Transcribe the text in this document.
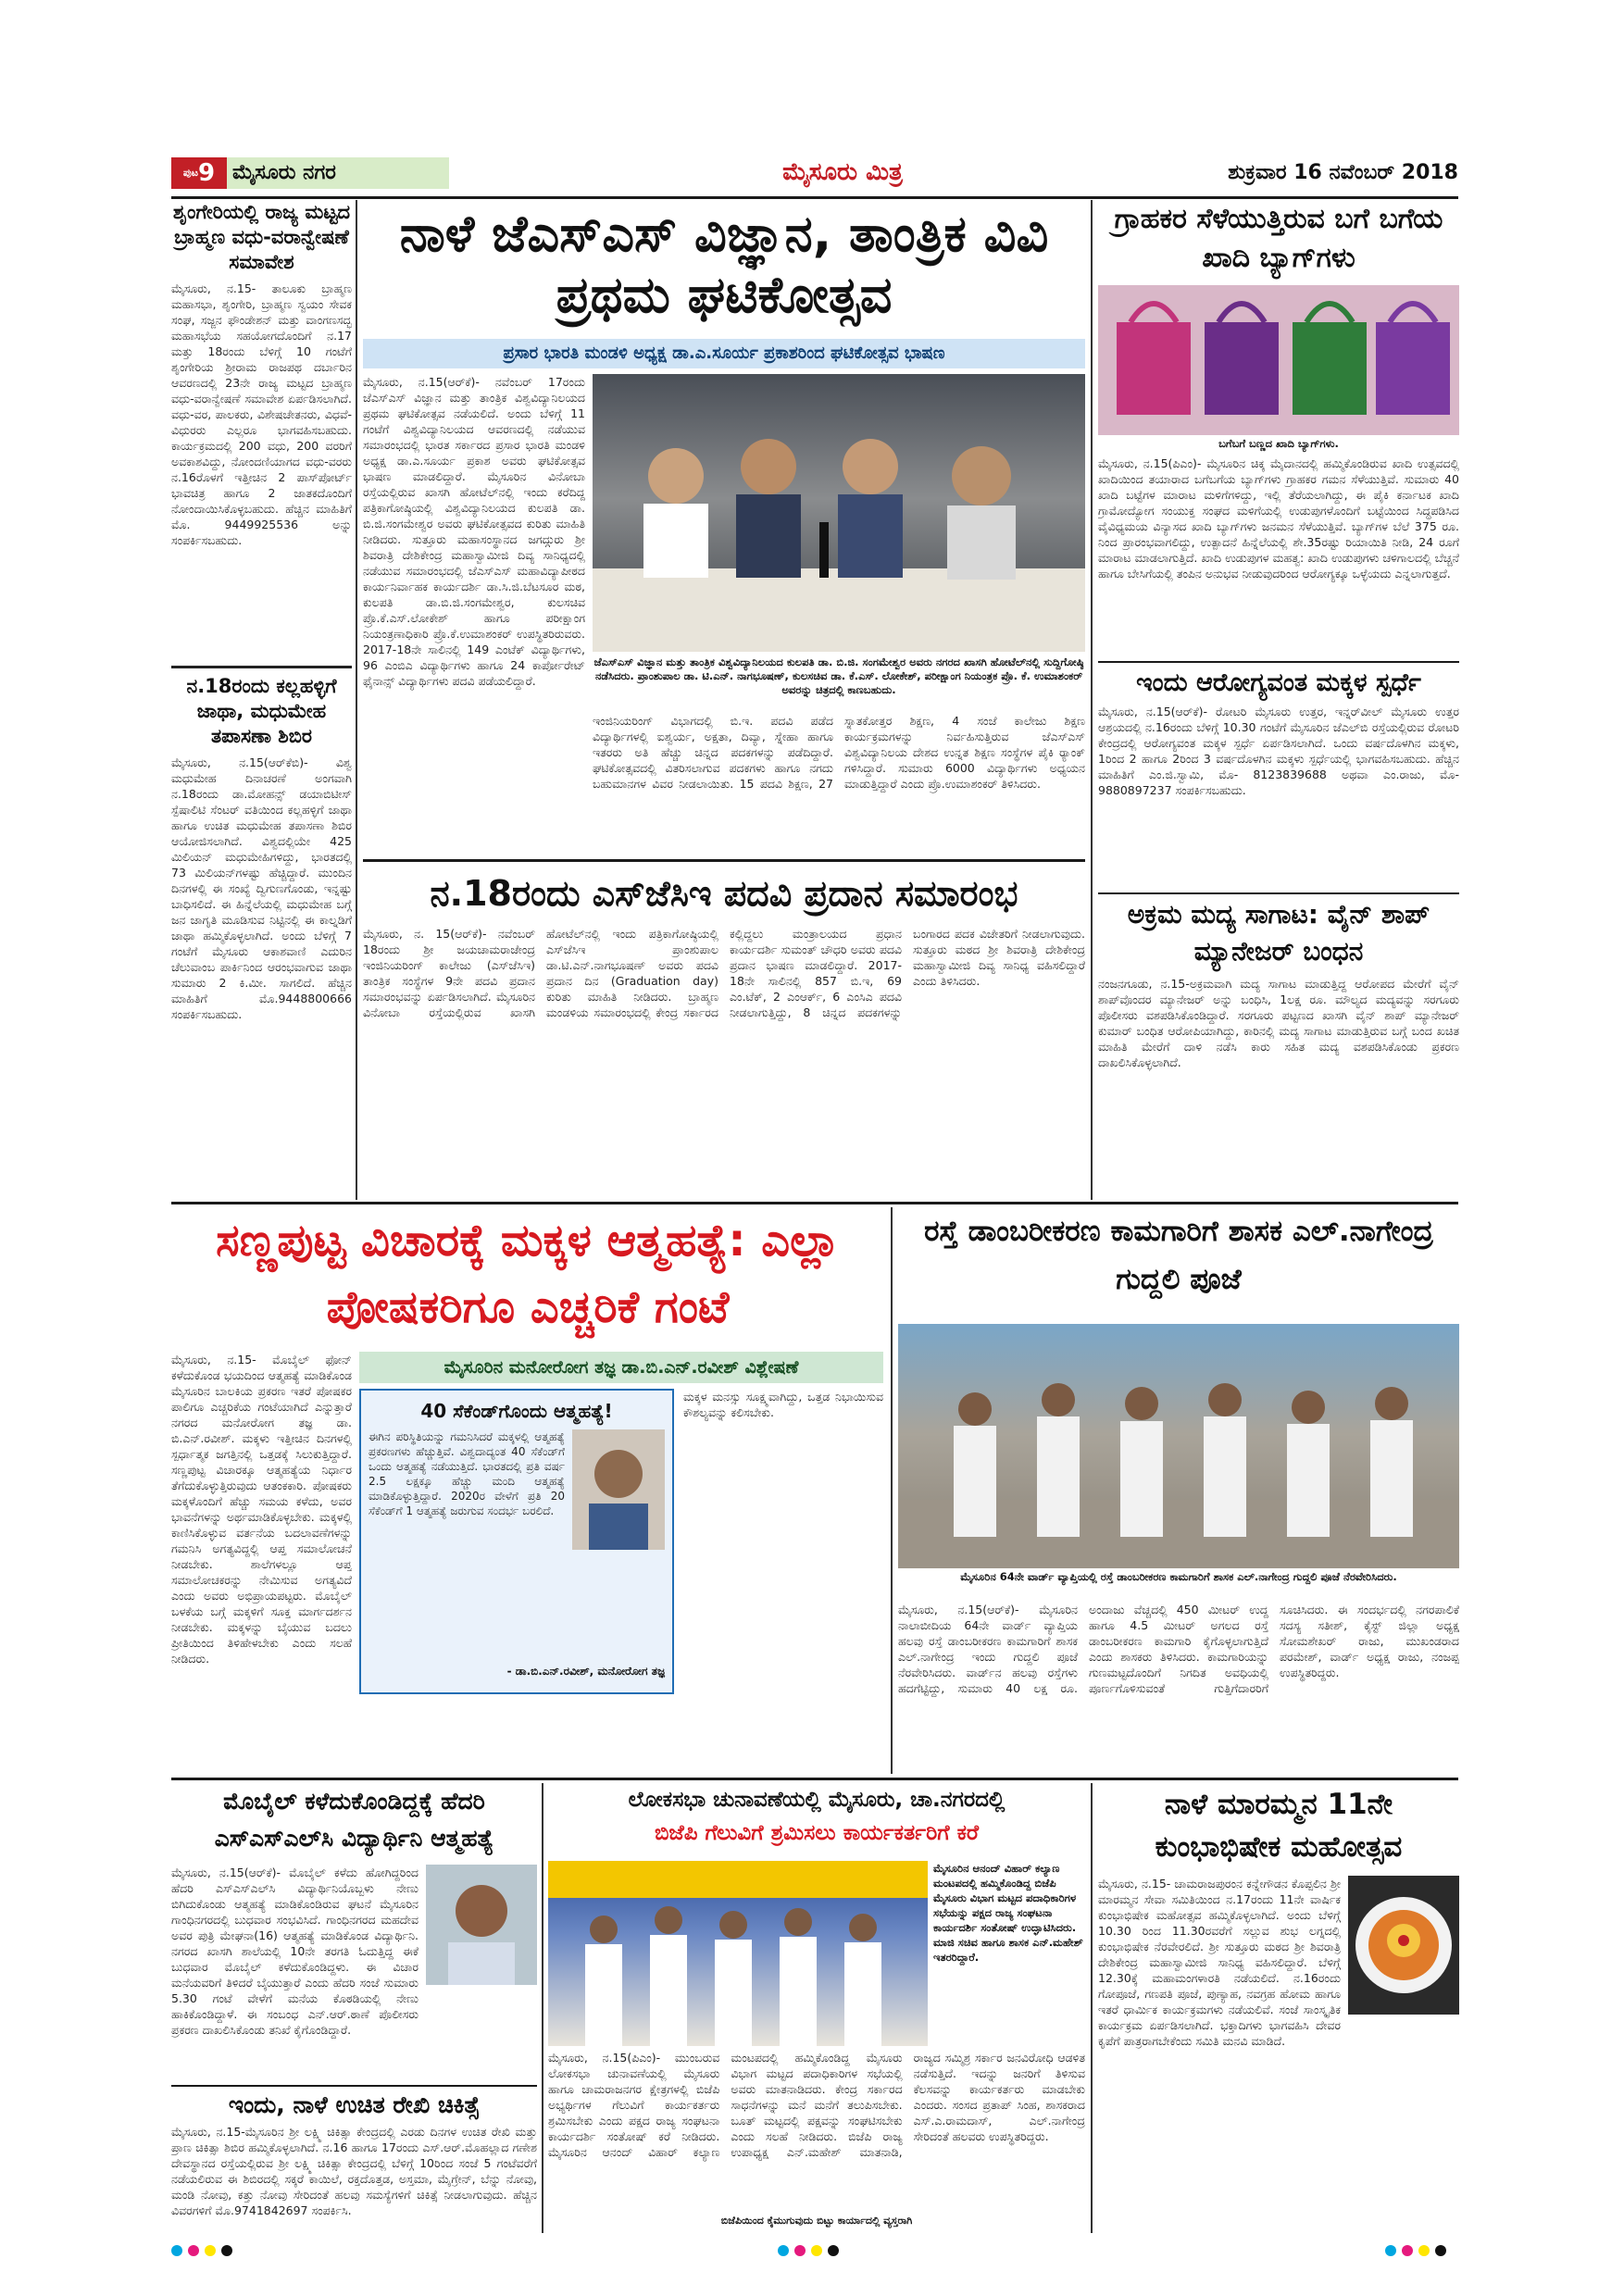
$^{ಪುಟ}$9 ಮೈಸೂರು ನಗರ	ಮೈಸೂರು ಮಿತ್ರ	ಶುಕ್ರವಾರ 16 ನವೆಂಬರ್ 2018
ಶೃಂಗೇರಿಯಲ್ಲಿ ರಾಜ್ಯ ಮಟ್ಟದ ಬ್ರಾಹ್ಮಣ ವಧು-ವರಾನ್ವೇಷಣೆ ಸಮಾವೇಶ
ಮೈಸೂರು, ನ.15- ತಾಲೂಕು ಬ್ರಾಹ್ಮಣ ಮಹಾಸಭಾ, ಶೃಂಗೇರಿ, ಬ್ರಾಹ್ಮಣ ಸ್ವಯಂ ಸೇವಕ ಸಂಘ, ಸಜ್ಜನ ಫೌಂಡೇಶನ್ ಮತ್ತು ವಾಂಗಣಸದ್ಭ ಮಹಾಸಭೆಯ ಸಹಯೋಗದೊಂದಿಗೆ ನ.17 ಮತ್ತು 18ರಂದು ಬೆಳಿಗ್ಗೆ 10 ಗಂಟೆಗೆ ಶೃಂಗೇರಿಯ ಶ್ರೀರಾಮ ರಾಜಪಥ ದರ್ಬಾರಿನ ಆವರಣದಲ್ಲಿ 23ನೇ ರಾಜ್ಯ ಮಟ್ಟದ ಬ್ರಾಹ್ಮಣ ವಧು-ವರಾನ್ವೇಷಣೆ ಸಮಾವೇಶ ಏರ್ಪಡಿಸಲಾಗಿದೆ. ವಧು-ವರ, ಪಾಲಕರು, ವಿಶೇಷಚೇತನರು, ವಿಧವೆ-ವಿಧುರರು ಎಲ್ಲರೂ ಭಾಗವಹಿಸಬಹುದು. ಕಾರ್ಯಕ್ರಮದಲ್ಲಿ 200 ವಧು, 200 ವರರಿಗೆ ಅವಕಾಶವಿದ್ದು, ನೋಂದಣಿಯಾಗದ ವಧು-ವರರು ನ.16ರೊಳಗೆ ಇತ್ತೀಚಿನ 2 ಪಾಸ್‌ಪೋರ್ಟ್ ಭಾವಚಿತ್ರ ಹಾಗೂ 2 ಜಾತಕದೊಂದಿಗೆ ನೋಂದಾಯಿಸಿಕೊಳ್ಳಬಹುದು. ಹೆಚ್ಚಿನ ಮಾಹಿತಿಗೆ ಮೊ. 9449925536 ಅನ್ನು ಸಂಪರ್ಕಿಸಬಹುದು.
ನ.18ರಂದು ಕಲ್ಲಹಳ್ಳಿಗೆ ಜಾಥಾ, ಮಧುಮೇಹ ತಪಾಸಣಾ ಶಿಬಿರ
ಮೈಸೂರು, ನ.15(ಆರ್‌ಕೆಬಿ)- ವಿಶ್ವ ಮಧುಮೇಹ ದಿನಾಚರಣೆ ಅಂಗವಾಗಿ ನ.18ರಂದು ಡಾ.ಮೋಹನ್ಸ್ ಡಯಾಬಿಟೀಸ್ ಸ್ಪೆಷಾಲಿಟಿ ಸೆಂಟರ್ ವತಿಯಿಂದ ಕಲ್ಲಹಳ್ಳಿಗೆ ಜಾಥಾ ಹಾಗೂ ಉಚಿತ ಮಧುಮೇಹ ತಪಾಸಣಾ ಶಿಬಿರ ಆಯೋಜಿಸಲಾಗಿದೆ. ವಿಶ್ವದಲ್ಲಿಯೇ 425 ಮಿಲಿಯನ್ ಮಧುಮೇಹಿಗಳಿದ್ದು, ಭಾರತದಲ್ಲಿ 73 ಮಿಲಿಯನ್‌ಗಳಷ್ಟು ಹೆಚ್ಚಿದ್ದಾರೆ. ಮುಂದಿನ ದಿನಗಳಲ್ಲಿ ಈ ಸಂಖ್ಯೆ ದ್ವಿಗುಣಗೊಂಡು, ಇನ್ನಷ್ಟು ಬಾಧಿಸಲಿದೆ. ಈ ಹಿನ್ನೆಲೆಯಲ್ಲಿ ಮಧುಮೇಹ ಬಗ್ಗೆ ಜನ ಜಾಗೃತಿ ಮೂಡಿಸುವ ನಿಟ್ಟಿನಲ್ಲಿ ಈ ಕಾಲ್ನಡಿಗೆ ಜಾಥಾ ಹಮ್ಮಿಕೊಳ್ಳಲಾಗಿದೆ. ಅಂದು ಬೆಳಿಗ್ಗೆ 7 ಗಂಟೆಗೆ ಮೈಸೂರು ಆಕಾಶವಾಣಿ ಎದುರಿನ ಚೆಲುವಾಂಬ ಪಾರ್ಕಿನಿಂದ ಆರಂಭವಾಗುವ ಜಾಥಾ ಸುಮಾರು 2 ಕಿ.ಮೀ. ಸಾಗಲಿದೆ. ಹೆಚ್ಚಿನ ಮಾಹಿತಿಗೆ ಮೊ.9448800666 ಸಂಪರ್ಕಿಸಬಹುದು.
ನಾಳೆ ಜೆಎಸ್‌ಎಸ್ ವಿಜ್ಞಾನ, ತಾಂತ್ರಿಕ ವಿವಿ ಪ್ರಥಮ ಘಟಿಕೋತ್ಸವ
ಪ್ರಸಾರ ಭಾರತಿ ಮಂಡಳಿ ಅಧ್ಯಕ್ಷ ಡಾ.ಎ.ಸೂರ್ಯ ಪ್ರಕಾಶರಿಂದ ಘಟಿಕೋತ್ಸವ ಭಾಷಣ
ಮೈಸೂರು, ನ.15(ಆರ್‌ಕೆ)- ನವೆಂಬರ್ 17ರಂದು ಜೆಎಸ್‌ಎಸ್ ವಿಜ್ಞಾನ ಮತ್ತು ತಾಂತ್ರಿಕ ವಿಶ್ವವಿದ್ಯಾನಿಲಯದ ಪ್ರಥಮ ಘಟಿಕೋತ್ಸವ ನಡೆಯಲಿದೆ. ಅಂದು ಬೆಳಿಗ್ಗೆ 11 ಗಂಟೆಗೆ ವಿಶ್ವವಿದ್ಯಾನಿಲಯದ ಆವರಣದಲ್ಲಿ ನಡೆಯುವ ಸಮಾರಂಭದಲ್ಲಿ ಭಾರತ ಸರ್ಕಾರದ ಪ್ರಸಾರ ಭಾರತಿ ಮಂಡಳಿ ಅಧ್ಯಕ್ಷ ಡಾ.ಎ.ಸೂರ್ಯ ಪ್ರಕಾಶ ಅವರು ಘಟಿಕೋತ್ಸವ ಭಾಷಣ ಮಾಡಲಿದ್ದಾರೆ. ಮೈಸೂರಿನ ವಿನೋಬಾ ರಸ್ತೆಯಲ್ಲಿರುವ ಖಾಸಗಿ ಹೋಟೆಲ್‌ನಲ್ಲಿ ಇಂದು ಕರೆದಿದ್ದ ಪತ್ರಿಕಾಗೋಷ್ಠಿಯಲ್ಲಿ ವಿಶ್ವವಿದ್ಯಾನಿಲಯದ ಕುಲಪತಿ ಡಾ. ಬಿ.ಜಿ.ಸಂಗಮೇಶ್ವರ ಅವರು ಘಟಿಕೋತ್ಸವದ ಕುರಿತು ಮಾಹಿತಿ ನೀಡಿದರು. ಸುತ್ತೂರು ಮಹಾಸಂಸ್ಥಾನದ ಜಗದ್ಗುರು ಶ್ರೀ ಶಿವರಾತ್ರಿ ದೇಶಿಕೇಂದ್ರ ಮಹಾಸ್ವಾಮೀಜಿ ದಿವ್ಯ ಸಾನಿಧ್ಯದಲ್ಲಿ ನಡೆಯುವ ಸಮಾರಂಭದಲ್ಲಿ ಜೆಎಸ್‌ಎಸ್ ಮಹಾವಿದ್ಯಾಪೀಠದ ಕಾರ್ಯನಿರ್ವಾಹಕ ಕಾರ್ಯದರ್ಶಿ ಡಾ.ಸಿ.ಜಿ.ಬೆಟಸೂರ ಮಠ, ಕುಲಪತಿ ಡಾ.ಬಿ.ಜಿ.ಸಂಗಮೇಶ್ವರ, ಕುಲಸಚಿವ ಪ್ರೊ.ಕೆ.ಎಸ್.ಲೋಕೇಶ್ ಹಾಗೂ ಪರೀಕ್ಷಾಂಗ ನಿಯಂತ್ರಣಾಧಿಕಾರಿ ಪ್ರೊ.ಕೆ.ಉಮಾಶಂಕರ್ ಉಪಸ್ಥಿತರಿರುವರು. 2017-18ನೇ ಸಾಲಿನಲ್ಲಿ 149 ಎಂಟೆಕ್ ವಿದ್ಯಾರ್ಥಿಗಳು, 96 ಎಂಬಿಎ ವಿದ್ಯಾರ್ಥಿಗಳು ಹಾಗೂ 24 ಕಾರ್ಪೋರೇಟ್ ಫೈನಾನ್ಸ್ ವಿದ್ಯಾರ್ಥಿಗಳು ಪದವಿ ಪಡೆಯಲಿದ್ದಾರೆ.
ಜೆಎಸ್‌ಎಸ್ ವಿಜ್ಞಾನ ಮತ್ತು ತಾಂತ್ರಿಕ ವಿಶ್ವವಿದ್ಯಾನಿಲಯದ ಕುಲಪತಿ ಡಾ. ಬಿ.ಜಿ. ಸಂಗಮೇಶ್ವರ ಅವರು ನಗರದ ಖಾಸಗಿ ಹೋಟೆಲ್‌ನಲ್ಲಿ ಸುದ್ದಿಗೋಷ್ಠಿ ನಡೆಸಿದರು. ಪ್ರಾಂಶುಪಾಲ ಡಾ. ಟಿ.ಎನ್. ನಾಗಭೂಷಣ್, ಕುಲಸಚಿವ ಡಾ. ಕೆ.ಎಸ್. ಲೋಕೇಶ್, ಪರೀಕ್ಷಾಂಗ ನಿಯಂತ್ರಕ ಪ್ರೊ. ಕೆ. ಉಮಾಶಂಕರ್ ಅವರನ್ನು ಚಿತ್ರದಲ್ಲಿ ಕಾಣಬಹುದು.
ಇಂಜಿನಿಯರಿಂಗ್ ವಿಭಾಗದಲ್ಲಿ ಬಿ.ಇ. ಪದವಿ ಪಡೆದ ವಿದ್ಯಾರ್ಥಿಗಳಲ್ಲಿ ಐಶ್ವರ್ಯ, ಅಕ್ಷತಾ, ದಿವ್ಯಾ, ಸ್ನೇಹಾ ಹಾಗೂ ಇತರರು ಅತಿ ಹೆಚ್ಚು ಚಿನ್ನದ ಪದಕಗಳನ್ನು ಪಡೆದಿದ್ದಾರೆ. ಘಟಿಕೋತ್ಸವದಲ್ಲಿ ವಿತರಿಸಲಾಗುವ ಪದಕಗಳು ಹಾಗೂ ನಗದು ಬಹುಮಾನಗಳ ವಿವರ ನೀಡಲಾಯಿತು. 15 ಪದವಿ ಶಿಕ್ಷಣ, 27 ಸ್ನಾತಕೋತ್ತರ ಶಿಕ್ಷಣ, 4 ಸಂಜೆ ಕಾಲೇಜು ಶಿಕ್ಷಣ ಕಾರ್ಯಕ್ರಮಗಳನ್ನು ನಿರ್ವಹಿಸುತ್ತಿರುವ ಜೆಎಸ್‌ಎಸ್ ವಿಶ್ವವಿದ್ಯಾನಿಲಯ ದೇಶದ ಉನ್ನತ ಶಿಕ್ಷಣ ಸಂಸ್ಥೆಗಳ ಪೈಕಿ ರ‍್ಯಾಂಕ್ ಗಳಿಸಿದ್ದಾರೆ. ಸುಮಾರು 6000 ವಿದ್ಯಾರ್ಥಿಗಳು ಅಧ್ಯಯನ ಮಾಡುತ್ತಿದ್ದಾರೆ ಎಂದು ಪ್ರೊ.ಉಮಾಶಂಕರ್ ತಿಳಿಸಿದರು.
ನ.18ರಂದು ಎಸ್‌ಜೆಸಿಇ ಪದವಿ ಪ್ರದಾನ ಸಮಾರಂಭ
ಮೈಸೂರು, ನ. 15(ಆರ್‌ಕೆ)- ನವೆಂಬರ್ 18ರಂದು ಶ್ರೀ ಜಯಚಾಮರಾಜೇಂದ್ರ ಇಂಜಿನಿಯರಿಂಗ್ ಕಾಲೇಜು (ಎಸ್‌ಜೆಸಿಇ) ತಾಂತ್ರಿಕ ಸಂಸ್ಥೆಗಳ 9ನೇ ಪದವಿ ಪ್ರದಾನ ಸಮಾರಂಭವನ್ನು ಏರ್ಪಡಿಸಲಾಗಿದೆ. ಮೈಸೂರಿನ ವಿನೋಬಾ ರಸ್ತೆಯಲ್ಲಿರುವ ಖಾಸಗಿ ಹೋಟೆಲ್‌ನಲ್ಲಿ ಇಂದು ಪತ್ರಿಕಾಗೋಷ್ಠಿಯಲ್ಲಿ ಎಸ್‌ಜೆಸಿಇ ಪ್ರಾಂಶುಪಾಲ ಡಾ.ಟಿ.ಎನ್.ನಾಗಭೂಷಣ್ ಅವರು ಪದವಿ ಪ್ರದಾನ ದಿನ (Graduation day) ಕುರಿತು ಮಾಹಿತಿ ನೀಡಿದರು. ಬ್ರಾಹ್ಮಣ ಮಂಡಳಿಯ ಸಮಾರಂಭದಲ್ಲಿ ಕೇಂದ್ರ ಸರ್ಕಾರದ ಕಲ್ಲಿದ್ದಲು ಮಂತ್ರಾಲಯದ ಪ್ರಧಾನ ಕಾರ್ಯದರ್ಶಿ ಸುಮಂತ್ ಚೌಧರಿ ಅವರು ಪದವಿ ಪ್ರದಾನ ಭಾಷಣ ಮಾಡಲಿದ್ದಾರೆ. 2017-18ನೇ ಸಾಲಿನಲ್ಲಿ 857 ಬಿ.ಇ, 69 ಎಂ.ಟೆಕ್, 2 ಎಂಆರ್ಕ್, 6 ಎಂಸಿಎ ಪದವಿ ನೀಡಲಾಗುತ್ತಿದ್ದು, 8 ಚಿನ್ನದ ಪದಕಗಳನ್ನು ಬಂಗಾರದ ಪದಕ ವಿಜೇತರಿಗೆ ನೀಡಲಾಗುವುದು. ಸುತ್ತೂರು ಮಠದ ಶ್ರೀ ಶಿವರಾತ್ರಿ ದೇಶಿಕೇಂದ್ರ ಮಹಾಸ್ವಾಮೀಜಿ ದಿವ್ಯ ಸಾನಿಧ್ಯ ವಹಿಸಲಿದ್ದಾರೆ ಎಂದು ತಿಳಿಸಿದರು.
ಗ್ರಾಹಕರ ಸೆಳೆಯುತ್ತಿರುವ ಬಗೆ ಬಗೆಯ ಖಾದಿ ಬ್ಯಾಗ್‌ಗಳು
ಬಗೆಬಗೆ ಬಣ್ಣದ ಖಾದಿ ಬ್ಯಾಗ್‌ಗಳು.
ಮೈಸೂರು, ನ.15(ಪಿಎಂ)- ಮೈಸೂರಿನ ಚಿಕ್ಕ ಮೈದಾನದಲ್ಲಿ ಹಮ್ಮಿಕೊಂಡಿರುವ ಖಾದಿ ಉತ್ಸವದಲ್ಲಿ ಖಾದಿಯಿಂದ ತಯಾರಾದ ಬಗೆಬಗೆಯ ಬ್ಯಾಗ್‌ಗಳು ಗ್ರಾಹಕರ ಗಮನ ಸೆಳೆಯುತ್ತಿವೆ. ಸುಮಾರು 40 ಖಾದಿ ಬಟ್ಟೆಗಳ ಮಾರಾಟ ಮಳಿಗೆಗಳಿದ್ದು, ಇಲ್ಲಿ ತೆರೆಯಲಾಗಿದ್ದು, ಈ ಪೈಕಿ ಕರ್ನಾಟಕ ಖಾದಿ ಗ್ರಾಮೋದ್ಯೋಗ ಸಂಯುಕ್ತ ಸಂಘದ ಮಳಿಗೆಯಲ್ಲಿ ಉಡುಪುಗಳೊಂದಿಗೆ ಬಟ್ಟೆಯಿಂದ ಸಿದ್ಧಪಡಿಸಿದ ವೈವಿಧ್ಯಮಯ ವಿನ್ಯಾಸದ ಖಾದಿ ಬ್ಯಾಗ್‌ಗಳು ಜನಮನ ಸೆಳೆಯುತ್ತಿವೆ. ಬ್ಯಾಗ್‌ಗಳ ಬೆಲೆ 375 ರೂ. ನಿಂದ ಪ್ರಾರಂಭವಾಗಲಿದ್ದು, ಉತ್ಪಾದನೆ ಹಿನ್ನೆಲೆಯಲ್ಲಿ ಶೇ.35ರಷ್ಟು ರಿಯಾಯಿತಿ ನೀಡಿ, 24 ರೂಗೆ ಮಾರಾಟ ಮಾಡಲಾಗುತ್ತಿದೆ. ಖಾದಿ ಉಡುಪುಗಳ ಮಹತ್ವ: ಖಾದಿ ಉಡುಪುಗಳು ಚಳಿಗಾಲದಲ್ಲಿ ಬೆಚ್ಚನೆ ಹಾಗೂ ಬೇಸಿಗೆಯಲ್ಲಿ ತಂಪಿನ ಅನುಭವ ನೀಡುವುದರಿಂದ ಆರೋಗ್ಯಕ್ಕೂ ಒಳ್ಳೆಯದು ಎನ್ನಲಾಗುತ್ತದೆ.
ಇಂದು ಆರೋಗ್ಯವಂತ ಮಕ್ಕಳ ಸ್ಪರ್ಧೆ
ಮೈಸೂರು, ನ.15(ಆರ್‌ಕೆ)- ರೋಟರಿ ಮೈಸೂರು ಉತ್ತರ, ಇನ್ನರ್‌ವೀಲ್ ಮೈಸೂರು ಉತ್ತರ ಆಶ್ರಯದಲ್ಲಿ ನ.16ರಂದು ಬೆಳಿಗ್ಗೆ 10.30 ಗಂಟೆಗೆ ಮೈಸೂರಿನ ಜೆಎಲ್‌ಬಿ ರಸ್ತೆಯಲ್ಲಿರುವ ರೋಟರಿ ಕೇಂದ್ರದಲ್ಲಿ ಆರೋಗ್ಯವಂತ ಮಕ್ಕಳ ಸ್ಪರ್ಧೆ ಏರ್ಪಡಿಸಲಾಗಿದೆ. ಒಂದು ವರ್ಷದೊಳಗಿನ ಮಕ್ಕಳು, 1ರಿಂದ 2 ಹಾಗೂ 2ರಿಂದ 3 ವರ್ಷದೊಳಗಿನ ಮಕ್ಕಳು ಸ್ಪರ್ಧೆಯಲ್ಲಿ ಭಾಗವಹಿಸಬಹುದು. ಹೆಚ್ಚಿನ ಮಾಹಿತಿಗೆ ಎಂ.ಜಿ.ಸ್ವಾಮಿ, ಮೊ- 8123839688 ಅಥವಾ ಎಂ.ರಾಜು, ಮೊ- 9880897237 ಸಂಪರ್ಕಿಸಬಹುದು.
ಅಕ್ರಮ ಮದ್ಯ ಸಾಗಾಟ: ವೈನ್ ಶಾಪ್ ಮ್ಯಾನೇಜರ್ ಬಂಧನ
ನಂಜನಗೂಡು, ನ.15-ಅಕ್ರಮವಾಗಿ ಮದ್ಯ ಸಾಗಾಟ ಮಾಡುತ್ತಿದ್ದ ಆರೋಪದ ಮೇರೆಗೆ ವೈನ್ ಶಾಪ್‌ವೊಂದರ ಮ್ಯಾನೇಜರ್ ಅನ್ನು ಬಂಧಿಸಿ, 1ಲಕ್ಷ ರೂ. ಮೌಲ್ಯದ ಮದ್ಯವನ್ನು ಸರಗೂರು ಪೊಲೀಸರು ವಶಪಡಿಸಿಕೊಂಡಿದ್ದಾರೆ. ಸರಗೂರು ಪಟ್ಟಣದ ಖಾಸಗಿ ವೈನ್ ಶಾಪ್ ಮ್ಯಾನೇಜರ್ ಕುಮಾರ್ ಬಂಧಿತ ಆರೋಪಿಯಾಗಿದ್ದು, ಕಾರಿನಲ್ಲಿ ಮದ್ಯ ಸಾಗಾಟ ಮಾಡುತ್ತಿರುವ ಬಗ್ಗೆ ಬಂದ ಖಚಿತ ಮಾಹಿತಿ ಮೇರೆಗೆ ದಾಳಿ ನಡೆಸಿ ಕಾರು ಸಹಿತ ಮದ್ಯ ವಶಪಡಿಸಿಕೊಂಡು ಪ್ರಕರಣ ದಾಖಲಿಸಿಕೊಳ್ಳಲಾಗಿದೆ.
ಸಣ್ಣಪುಟ್ಟ ವಿಚಾರಕ್ಕೆ ಮಕ್ಕಳ ಆತ್ಮಹತ್ಯೆ: ಎಲ್ಲಾ ಪೋಷಕರಿಗೂ ಎಚ್ಚರಿಕೆ ಗಂಟೆ
ಮೈಸೂರು, ನ.15- ಮೊಬೈಲ್ ಫೋನ್ ಕಳೆದುಕೊಂಡ ಭಯದಿಂದ ಆತ್ಮಹತ್ಯೆ ಮಾಡಿಕೊಂಡ ಮೈಸೂರಿನ ಬಾಲಕಿಯ ಪ್ರಕರಣ ಇತರೆ ಪೋಷಕರ ಪಾಲಿಗೂ ಎಚ್ಚರಿಕೆಯ ಗಂಟೆಯಾಗಿದೆ ಎನ್ನುತ್ತಾರೆ ನಗರದ ಮನೋರೋಗ ತಜ್ಞ ಡಾ. ಬಿ.ಎನ್.ರವೀಶ್. ಮಕ್ಕಳು ಇತ್ತೀಚಿನ ದಿನಗಳಲ್ಲಿ ಸ್ಪರ್ಧಾತ್ಮಕ ಜಗತ್ತಿನಲ್ಲಿ ಒತ್ತಡಕ್ಕೆ ಸಿಲುಕುತ್ತಿದ್ದಾರೆ. ಸಣ್ಣಪುಟ್ಟ ವಿಚಾರಕ್ಕೂ ಆತ್ಮಹತ್ಯೆಯ ನಿರ್ಧಾರ ತೆಗೆದುಕೊಳ್ಳುತ್ತಿರುವುದು ಆತಂಕಕಾರಿ. ಪೋಷಕರು ಮಕ್ಕಳೊಂದಿಗೆ ಹೆಚ್ಚು ಸಮಯ ಕಳೆದು, ಅವರ ಭಾವನೆಗಳನ್ನು ಅರ್ಥಮಾಡಿಕೊಳ್ಳಬೇಕು. ಮಕ್ಕಳಲ್ಲಿ ಕಾಣಿಸಿಕೊಳ್ಳುವ ವರ್ತನೆಯ ಬದಲಾವಣೆಗಳನ್ನು ಗಮನಿಸಿ ಅಗತ್ಯವಿದ್ದಲ್ಲಿ ಆಪ್ತ ಸಮಾಲೋಚನೆ ನೀಡಬೇಕು. ಶಾಲೆಗಳಲ್ಲೂ ಆಪ್ತ ಸಮಾಲೋಚಕರನ್ನು ನೇಮಿಸುವ ಅಗತ್ಯವಿದೆ ಎಂದು ಅವರು ಅಭಿಪ್ರಾಯಪಟ್ಟರು. ಮೊಬೈಲ್ ಬಳಕೆಯ ಬಗ್ಗೆ ಮಕ್ಕಳಿಗೆ ಸೂಕ್ತ ಮಾರ್ಗದರ್ಶನ ನೀಡಬೇಕು. ಮಕ್ಕಳನ್ನು ಬೈಯುವ ಬದಲು ಪ್ರೀತಿಯಿಂದ ತಿಳಿಹೇಳಬೇಕು ಎಂದು ಸಲಹೆ ನೀಡಿದರು.
ಮೈಸೂರಿನ ಮನೋರೋಗ ತಜ್ಞ ಡಾ.ಬಿ.ಎನ್.ರವೀಶ್ ವಿಶ್ಲೇಷಣೆ
40 ಸೆಕೆಂಡ್‌ಗೊಂದು ಆತ್ಮಹತ್ಯೆ!
ಈಗಿನ ಪರಿಸ್ಥಿತಿಯನ್ನು ಗಮನಿಸಿದರೆ ಮಕ್ಕಳಲ್ಲಿ ಆತ್ಮಹತ್ಯೆ ಪ್ರಕರಣಗಳು ಹೆಚ್ಚುತ್ತಿವೆ. ವಿಶ್ವದಾದ್ಯಂತ 40 ಸೆಕೆಂಡ್‌ಗೆ ಒಂದು ಆತ್ಮಹತ್ಯೆ ನಡೆಯುತ್ತಿದೆ. ಭಾರತದಲ್ಲಿ ಪ್ರತಿ ವರ್ಷ 2.5 ಲಕ್ಷಕ್ಕೂ ಹೆಚ್ಚು ಮಂದಿ ಆತ್ಮಹತ್ಯೆ ಮಾಡಿಕೊಳ್ಳುತ್ತಿದ್ದಾರೆ. 2020ರ ವೇಳೆಗೆ ಪ್ರತಿ 20 ಸೆಕೆಂಡ್‌ಗೆ 1 ಆತ್ಮಹತ್ಯೆ ಜರುಗುವ ಸಂದರ್ಭ ಬರಲಿದೆ.
- ಡಾ.ಬಿ.ಎನ್.ರವೀಶ್, ಮನೋರೋಗ ತಜ್ಞ

ಮಕ್ಕಳ ಮನಸ್ಸು ಸೂಕ್ಷ್ಮವಾಗಿದ್ದು, ಒತ್ತಡ ನಿಭಾಯಿಸುವ ಕೌಶಲ್ಯವನ್ನು ಕಲಿಸಬೇಕು.

ರಸ್ತೆ ಡಾಂಬರೀಕರಣ ಕಾಮಗಾರಿಗೆ ಶಾಸಕ ಎಲ್.ನಾಗೇಂದ್ರ ಗುದ್ದಲಿ ಪೂಜೆ
ಮೈಸೂರಿನ 64ನೇ ವಾರ್ಡ್ ವ್ಯಾಪ್ತಿಯಲ್ಲಿ ರಸ್ತೆ ಡಾಂಬರೀಕರಣ ಕಾಮಗಾರಿಗೆ ಶಾಸಕ ಎಲ್.ನಾಗೇಂದ್ರ ಗುದ್ದಲಿ ಪೂಜೆ ನೆರವೇರಿಸಿದರು.
ಮೈಸೂರು, ನ.15(ಆರ್‌ಕೆ)- ಮೈಸೂರಿನ ನಾಲಾಬೀದಿಯ 64ನೇ ವಾರ್ಡ್ ವ್ಯಾಪ್ತಿಯ ಹಲವು ರಸ್ತೆ ಡಾಂಬರೀಕರಣ ಕಾಮಗಾರಿಗೆ ಶಾಸಕ ಎಲ್.ನಾಗೇಂದ್ರ ಇಂದು ಗುದ್ದಲಿ ಪೂಜೆ ನೆರವೇರಿಸಿದರು. ವಾರ್ಡ್‌ನ ಹಲವು ರಸ್ತೆಗಳು ಹದಗೆಟ್ಟಿದ್ದು, ಸುಮಾರು 40 ಲಕ್ಷ ರೂ. ಅಂದಾಜು ವೆಚ್ಚದಲ್ಲಿ 450 ಮೀಟರ್ ಉದ್ದ ಹಾಗೂ 4.5 ಮೀಟರ್ ಅಗಲದ ರಸ್ತೆ ಡಾಂಬರೀಕರಣ ಕಾಮಗಾರಿ ಕೈಗೊಳ್ಳಲಾಗುತ್ತಿದೆ ಎಂದು ಶಾಸಕರು ತಿಳಿಸಿದರು. ಕಾಮಗಾರಿಯನ್ನು ಗುಣಮಟ್ಟದೊಂದಿಗೆ ನಿಗದಿತ ಅವಧಿಯಲ್ಲಿ ಪೂರ್ಣಗೊಳಿಸುವಂತೆ ಗುತ್ತಿಗೆದಾರರಿಗೆ ಸೂಚಿಸಿದರು. ಈ ಸಂದರ್ಭದಲ್ಲಿ ನಗರಪಾಲಿಕೆ ಸದಸ್ಯ ಸತೀಶ್, ಕೈಸ್ಟ್ ಜಿಲ್ಲಾ ಅಧ್ಯಕ್ಷ ಸೋಮಶೇಖರ್ ರಾಜು, ಮುಖಂಡರಾದ ಪರಮೇಶ್, ವಾರ್ಡ್ ಅಧ್ಯಕ್ಷ ರಾಜು, ನಂಜಪ್ಪ ಉಪಸ್ಥಿತರಿದ್ದರು.
ಮೊಬೈಲ್ ಕಳೆದುಕೊಂಡಿದ್ದಕ್ಕೆ ಹೆದರಿ ಎಸ್‌ಎಸ್‌ಎಲ್‌ಸಿ ವಿದ್ಯಾರ್ಥಿನಿ ಆತ್ಮಹತ್ಯೆ
ಮೈಸೂರು, ನ.15(ಆರ್‌ಕೆ)- ಮೊಬೈಲ್ ಕಳೆದು ಹೋಗಿದ್ದರಿಂದ ಹೆದರಿ ಎಸ್‌ಎಸ್‌ಎಲ್‌ಸಿ ವಿದ್ಯಾರ್ಥಿನಿಯೊಬ್ಬಳು ನೇಣು ಬಿಗಿದುಕೊಂಡು ಆತ್ಮಹತ್ಯೆ ಮಾಡಿಕೊಂಡಿರುವ ಘಟನೆ ಮೈಸೂರಿನ ಗಾಂಧಿನಗರದಲ್ಲಿ ಬುಧವಾರ ಸಂಭವಿಸಿದೆ. ಗಾಂಧಿನಗರದ ಮಹದೇವ ಅವರ ಪುತ್ರಿ ಮೇಘನಾ(16) ಆತ್ಮಹತ್ಯೆ ಮಾಡಿಕೊಂಡ ವಿದ್ಯಾರ್ಥಿನಿ. ನಗರದ ಖಾಸಗಿ ಶಾಲೆಯಲ್ಲಿ 10ನೇ ತರಗತಿ ಓದುತ್ತಿದ್ದ ಈಕೆ ಬುಧವಾರ ಮೊಬೈಲ್ ಕಳೆದುಕೊಂಡಿದ್ದಳು. ಈ ವಿಚಾರ ಮನೆಯವರಿಗೆ ತಿಳಿದರೆ ಬೈಯುತ್ತಾರೆ ಎಂದು ಹೆದರಿ ಸಂಜೆ ಸುಮಾರು 5.30 ಗಂಟೆ ವೇಳೆಗೆ ಮನೆಯ ಕೊಠಡಿಯಲ್ಲಿ ನೇಣು ಹಾಕಿಕೊಂಡಿದ್ದಾಳೆ. ಈ ಸಂಬಂಧ ಎನ್.ಆರ್.ಠಾಣೆ ಪೊಲೀಸರು ಪ್ರಕರಣ ದಾಖಲಿಸಿಕೊಂಡು ತನಿಖೆ ಕೈಗೊಂಡಿದ್ದಾರೆ.
ಇಂದು, ನಾಳೆ ಉಚಿತ ರೇಖಿ ಚಿಕಿತ್ಸೆ
ಮೈಸೂರು, ನ.15-ಮೈಸೂರಿನ ಶ್ರೀ ಲಕ್ಷ್ಮಿ ಚಿಕಿತ್ಸಾ ಕೇಂದ್ರದಲ್ಲಿ ಎರಡು ದಿನಗಳ ಉಚಿತ ರೇಖಿ ಮತ್ತು ಪ್ರಾಣ ಚಿಕಿತ್ಸಾ ಶಿಬಿರ ಹಮ್ಮಿಕೊಳ್ಳಲಾಗಿದೆ. ನ.16 ಹಾಗೂ 17ರಂದು ಎಸ್.ಆರ್.ಮೊಹಲ್ಲಾದ ಗಣೇಶ ದೇವಸ್ಥಾನದ ರಸ್ತೆಯಲ್ಲಿರುವ ಶ್ರೀ ಲಕ್ಷ್ಮಿ ಚಿಕಿತ್ಸಾ ಕೇಂದ್ರದಲ್ಲಿ ಬೆಳಿಗ್ಗೆ 10ರಿಂದ ಸಂಜೆ 5 ಗಂಟೆವರೆಗೆ ನಡೆಯಲಿರುವ ಈ ಶಿಬಿರದಲ್ಲಿ ಸಕ್ಕರೆ ಕಾಯಿಲೆ, ರಕ್ತದೊತ್ತಡ, ಅಸ್ತಮಾ, ಮೈಗ್ರೇನ್, ಬೆನ್ನು ನೋವು, ಮಂಡಿ ನೋವು, ಕತ್ತು ನೋವು ಸೇರಿದಂತೆ ಹಲವು ಸಮಸ್ಯೆಗಳಿಗೆ ಚಿಕಿತ್ಸೆ ನೀಡಲಾಗುವುದು. ಹೆಚ್ಚಿನ ವಿವರಗಳಿಗೆ ಮೊ.9741842697 ಸಂಪರ್ಕಿಸಿ.
ಲೋಕಸಭಾ ಚುನಾವಣೆಯಲ್ಲಿ ಮೈಸೂರು, ಚಾ.ನಗರದಲ್ಲಿ
ಬಿಜೆಪಿ ಗೆಲುವಿಗೆ ಶ್ರಮಿಸಲು ಕಾರ್ಯಕರ್ತರಿಗೆ ಕರೆ
ಮೈಸೂರಿನ ಆನಂದ್ ವಿಹಾರ್ ಕಲ್ಯಾಣ ಮಂಟಪದಲ್ಲಿ ಹಮ್ಮಿಕೊಂಡಿದ್ದ ಬಿಜೆಪಿ ಮೈಸೂರು ವಿಭಾಗ ಮಟ್ಟದ ಪದಾಧಿಕಾರಿಗಳ ಸಭೆಯನ್ನು ಪಕ್ಷದ ರಾಜ್ಯ ಸಂಘಟನಾ ಕಾರ್ಯದರ್ಶಿ ಸಂತೋಷ್ ಉದ್ಘಾಟಿಸಿದರು. ಮಾಜಿ ಸಚಿವ ಹಾಗೂ ಶಾಸಕ ಎನ್.ಮಹೇಶ್ ಇತರರಿದ್ದಾರೆ.
ಮೈಸೂರು, ನ.15(ಪಿಎಂ)- ಮುಂಬರುವ ಲೋಕಸಭಾ ಚುನಾವಣೆಯಲ್ಲಿ ಮೈಸೂರು ಹಾಗೂ ಚಾಮರಾಜನಗರ ಕ್ಷೇತ್ರಗಳಲ್ಲಿ ಬಿಜೆಪಿ ಅಭ್ಯರ್ಥಿಗಳ ಗೆಲುವಿಗೆ ಕಾರ್ಯಕರ್ತರು ಶ್ರಮಿಸಬೇಕು ಎಂದು ಪಕ್ಷದ ರಾಜ್ಯ ಸಂಘಟನಾ ಕಾರ್ಯದರ್ಶಿ ಸಂತೋಷ್ ಕರೆ ನೀಡಿದರು. ಮೈಸೂರಿನ ಆನಂದ್ ವಿಹಾರ್ ಕಲ್ಯಾಣ ಮಂಟಪದಲ್ಲಿ ಹಮ್ಮಿಕೊಂಡಿದ್ದ ಮೈಸೂರು ವಿಭಾಗ ಮಟ್ಟದ ಪದಾಧಿಕಾರಿಗಳ ಸಭೆಯಲ್ಲಿ ಅವರು ಮಾತನಾಡಿದರು. ಕೇಂದ್ರ ಸರ್ಕಾರದ ಸಾಧನೆಗಳನ್ನು ಮನೆ ಮನೆಗೆ ತಲುಪಿಸಬೇಕು. ಬೂತ್ ಮಟ್ಟದಲ್ಲಿ ಪಕ್ಷವನ್ನು ಸಂಘಟಿಸಬೇಕು ಎಂದು ಸಲಹೆ ನೀಡಿದರು. ಬಿಜೆಪಿ ರಾಜ್ಯ ಉಪಾಧ್ಯಕ್ಷ ಎನ್.ಮಹೇಶ್ ಮಾತನಾಡಿ, ರಾಜ್ಯದ ಸಮ್ಮಿಶ್ರ ಸರ್ಕಾರ ಜನವಿರೋಧಿ ಆಡಳಿತ ನಡೆಸುತ್ತಿದೆ. ಇದನ್ನು ಜನರಿಗೆ ತಿಳಿಸುವ ಕೆಲಸವನ್ನು ಕಾರ್ಯಕರ್ತರು ಮಾಡಬೇಕು ಎಂದರು. ಸಂಸದ ಪ್ರತಾಪ್ ಸಿಂಹ, ಶಾಸಕರಾದ ಎಸ್.ಎ.ರಾಮದಾಸ್, ಎಲ್.ನಾಗೇಂದ್ರ ಸೇರಿದಂತೆ ಹಲವರು ಉಪಸ್ಥಿತರಿದ್ದರು.
ಬಿಜೆಪಿಯಿಂದ ಕೈಮುಗುವುದು ಬಿಟ್ಟು ಕಾರ್ಯಾದಲ್ಲಿ ವ್ಯಸ್ತರಾಗಿ
ನಾಳೆ ಮಾರಮ್ಮನ 11ನೇ ಕುಂಭಾಭಿಷೇಕ ಮಹೋತ್ಸವ
ಮೈಸೂರು, ನ.15- ಚಾಮರಾಜಪುರಂನ ಕನ್ನೇಗೌಡನ ಕೊಪ್ಪಲಿನ ಶ್ರೀ ಮಾರಮ್ಮನ ಸೇವಾ ಸಮಿತಿಯಿಂದ ನ.17ರಂದು 11ನೇ ವಾರ್ಷಿಕ ಕುಂಭಾಭಿಷೇಕ ಮಹೋತ್ಸವ ಹಮ್ಮಿಕೊಳ್ಳಲಾಗಿದೆ. ಅಂದು ಬೆಳಿಗ್ಗೆ 10.30 ರಿಂದ 11.30ರವರೆಗೆ ಸಲ್ಲುವ ಶುಭ ಲಗ್ನದಲ್ಲಿ ಕುಂಭಾಭಿಷೇಕ ನೆರವೇರಲಿದೆ. ಶ್ರೀ ಸುತ್ತೂರು ಮಠದ ಶ್ರೀ ಶಿವರಾತ್ರಿ ದೇಶಿಕೇಂದ್ರ ಮಹಾಸ್ವಾಮೀಜಿ ಸಾನಿಧ್ಯ ವಹಿಸಲಿದ್ದಾರೆ. ಬೆಳಿಗ್ಗೆ 12.30ಕ್ಕೆ ಮಹಾಮಂಗಳಾರತಿ ನಡೆಯಲಿದೆ. ನ.16ರಂದು ಗೋಪೂಜೆ, ಗಣಪತಿ ಪೂಜೆ, ಪುಣ್ಯಾಹ, ನವಗ್ರಹ ಹೋಮ ಹಾಗೂ ಇತರೆ ಧಾರ್ಮಿಕ ಕಾರ್ಯಕ್ರಮಗಳು ನಡೆಯಲಿವೆ. ಸಂಜೆ ಸಾಂಸ್ಕೃತಿಕ ಕಾರ್ಯಕ್ರಮ ಏರ್ಪಡಿಸಲಾಗಿದೆ. ಭಕ್ತಾದಿಗಳು ಭಾಗವಹಿಸಿ ದೇವರ ಕೃಪೆಗೆ ಪಾತ್ರರಾಗಬೇಕೆಂದು ಸಮಿತಿ ಮನವಿ ಮಾಡಿದೆ.
